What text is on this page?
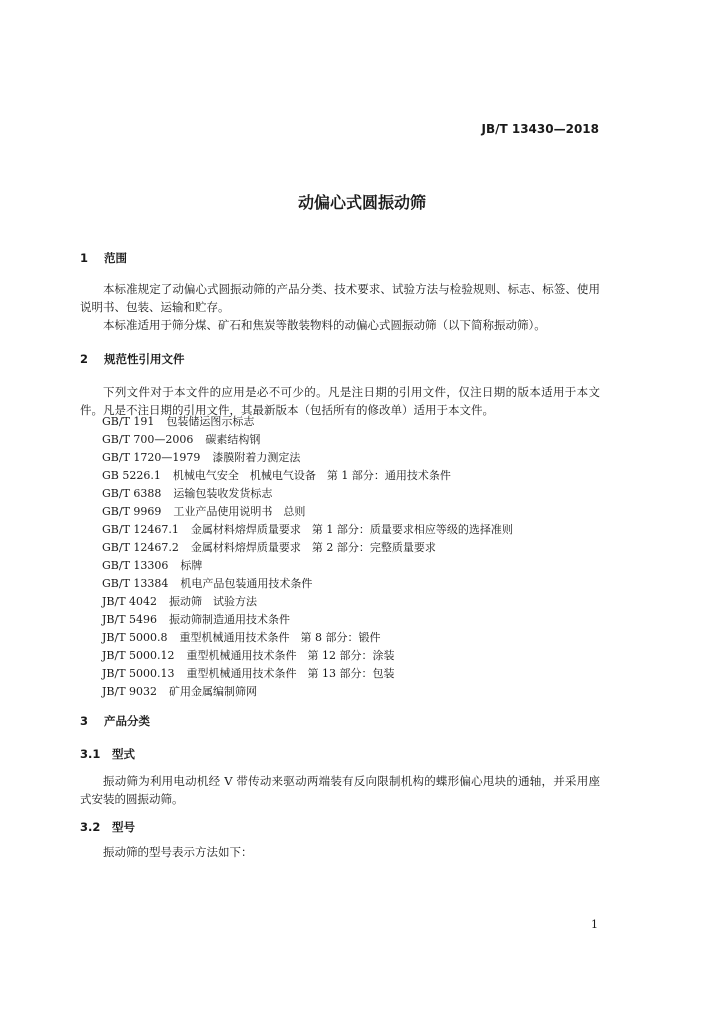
JB/T 13430—2018
动偏心式圆振动筛
1 范围
本标准规定了动偏心式圆振动筛的产品分类、技术要求、试验方法与检验规则、标志、标签、使用说明书、包装、运输和贮存。
本标准适用于筛分煤、矿石和焦炭等散装物料的动偏心式圆振动筛（以下简称振动筛）。
2 规范性引用文件
下列文件对于本文件的应用是必不可少的。凡是注日期的引用文件，仅注日期的版本适用于本文件。凡是不注日期的引用文件，其最新版本（包括所有的修改单）适用于本文件。
GB/T 191 包装储运图示标志
GB/T 700—2006 碳素结构钢
GB/T 1720—1979 漆膜附着力测定法
GB 5226.1 机械电气安全　机械电气设备　第 1 部分：通用技术条件
GB/T 6388 运输包装收发货标志
GB/T 9969 工业产品使用说明书　总则
GB/T 12467.1 金属材料熔焊质量要求　第 1 部分：质量要求相应等级的选择准则
GB/T 12467.2 金属材料熔焊质量要求　第 2 部分：完整质量要求
GB/T 13306 标牌
GB/T 13384 机电产品包装通用技术条件
JB/T 4042 振动筛　试验方法
JB/T 5496 振动筛制造通用技术条件
JB/T 5000.8 重型机械通用技术条件　第 8 部分：锻件
JB/T 5000.12 重型机械通用技术条件　第 12 部分：涂装
JB/T 5000.13 重型机械通用技术条件　第 13 部分：包装
JB/T 9032 矿用金属编制筛网
3 产品分类
3.1 型式
振动筛为利用电动机经 V 带传动来驱动两端装有反向限制机构的蝶形偏心甩块的通轴，并采用座式安装的圆振动筛。
3.2 型号
振动筛的型号表示方法如下：
1
